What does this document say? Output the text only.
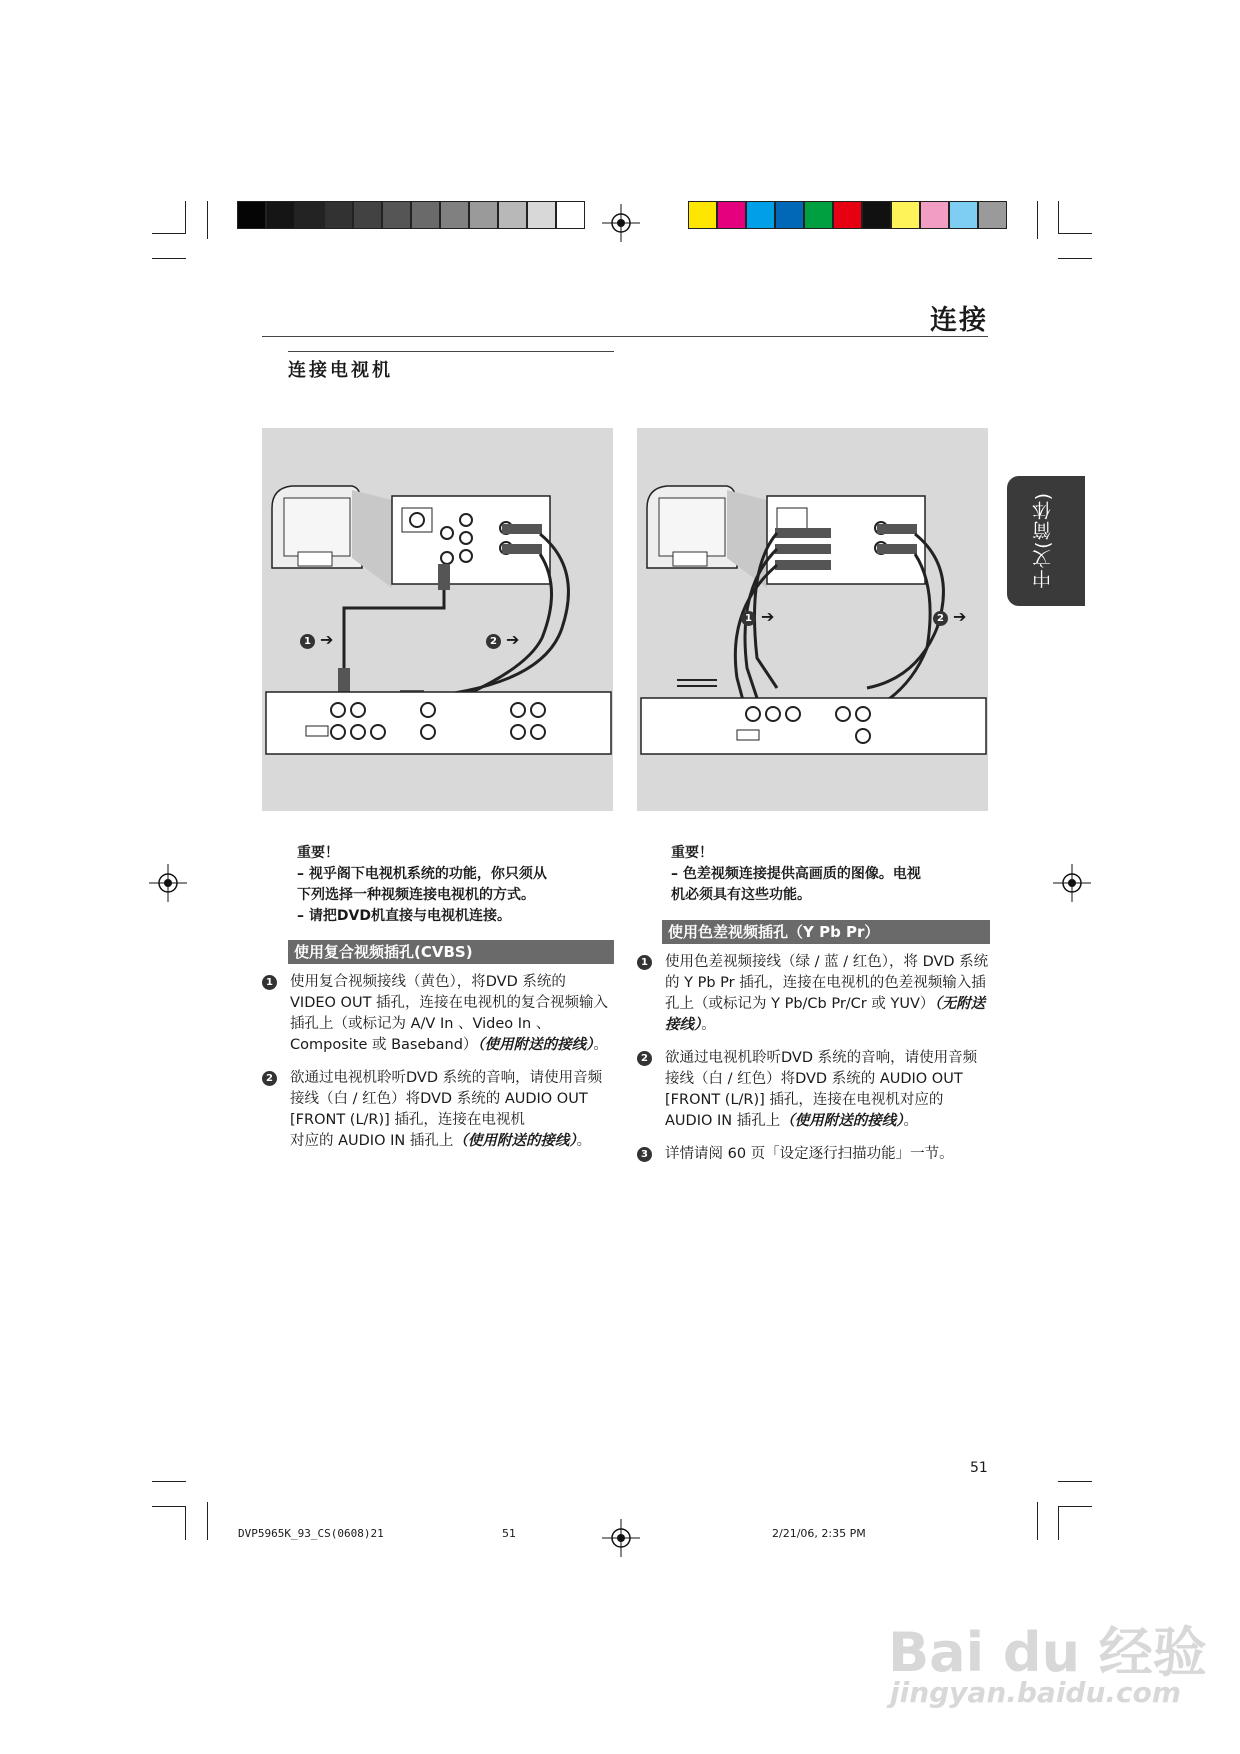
连接
连接电视机
中文(简体)
1 ➔	2 ➔
1 ➔	2 ➔
重要！
– 视乎阁下电视机系统的功能，你只须从
下列选择一种视频连接电视机的方式。
– 请把DVD机直接与电视机连接。
使用复合视频插孔(CVBS)
1 使用复合视频接线（黄色），将DVD 系统的 VIDEO OUT 插孔，连接在电视机的复合视频输入插孔上（或标记为 A/V In 、Video In 、Composite 或 Baseband）（使用附送的接线）。
2 欲通过电视机聆听DVD 系统的音响，请使用音频接线（白 / 红色）将DVD 系统的 AUDIO OUT [FRONT (L/R)] 插孔，连接在电视机
对应的 AUDIO IN 插孔上（使用附送的接线）。
重要！
– 色差视频连接提供高画质的图像。电视
机必须具有这些功能。
使用色差视频插孔（Y Pb Pr）
1 使用色差视频接线（绿 / 蓝 / 红色），将 DVD 系统的 Y Pb Pr 插孔，连接在电视机的色差视频输入插孔上（或标记为 Y Pb/Cb Pr/Cr 或 YUV）（无附送接线）。
2 欲通过电视机聆听DVD 系统的音响，请使用音频接线（白 / 红色）将DVD 系统的 AUDIO OUT [FRONT (L/R)] 插孔，连接在电视机对应的 AUDIO IN 插孔上（使用附送的接线）。
3 详情请阅 60 页「设定逐行扫描功能」一节。
51
DVP5965K_93_CS(0608)21	51	2/21/06, 2:35 PM
Bai du 经验
jingyan.baidu.com
